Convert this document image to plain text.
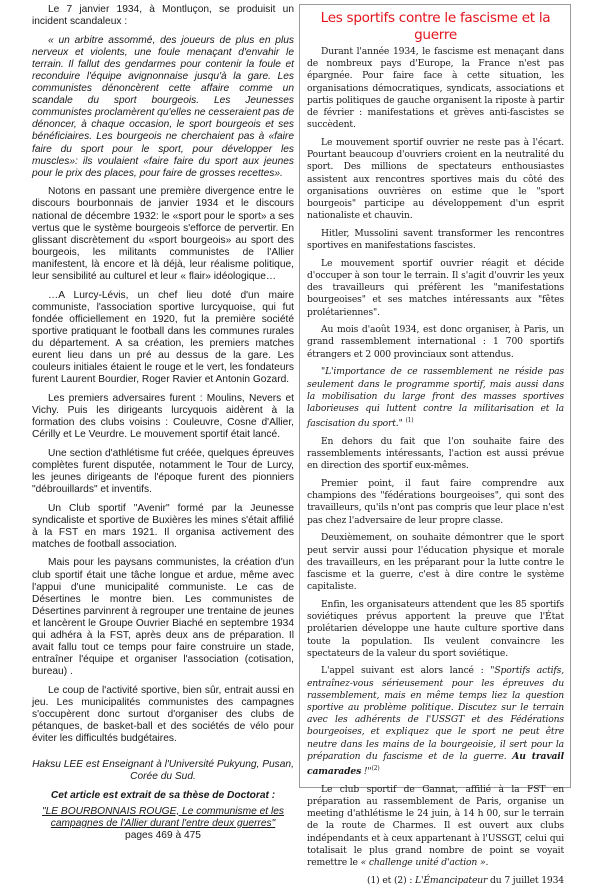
Le 7 janvier 1934, à Montluçon, se produisit un incident scandaleux :

« un arbitre assommé, des joueurs de plus en plus nerveux et violents, une foule menaçant d'envahir le terrain. Il fallut des gendarmes pour contenir la foule et reconduire l'équipe avignonnaise jusqu'à la gare. Les communistes dénoncèrent cette affaire comme un scandale du sport bourgeois. Les Jeunesses communistes proclamèrent qu'elles ne cesseraient pas de dénoncer, à chaque occasion, le sport bourgeois et ses bénéficiaires. Les bourgeois ne cherchaient pas à «faire faire du sport pour le sport, pour développer les muscles»: ils voulaient «faire faire du sport aux jeunes pour le prix des places, pour faire de grosses recettes».

Notons en passant une première divergence entre le discours bourbonnais de janvier 1934 et le discours national de décembre 1932: le «sport pour le sport» a ses vertus que le système bourgeois s'efforce de pervertir. En glissant discrètement du «sport bourgeois» au sport des bourgeois, les militants communistes de l'Allier manifestent, là encore et là déjà, leur réalisme politique, leur sensibilité au culturel et leur « flair» idéologique…

…A Lurcy-Lévis, un chef lieu doté d'un maire communiste, l'association sportive lurcyquoise, qui fut fondée officiellement en 1920, fut la première société sportive pratiquant le football dans les communes rurales du département. A sa création, les premiers matches eurent lieu dans un pré au dessus de la gare. Les couleurs initiales étaient le rouge et le vert, les fondateurs furent Laurent Bourdier, Roger Ravier et Antonin Gozard.

Les premiers adversaires furent : Moulins, Nevers et Vichy. Puis les dirigeants lurcyquois aidèrent à la formation des clubs voisins : Couleuvre, Cosne d'Allier, Cérilly et Le Veurdre. Le mouvement sportif était lancé.

Une section d'athlétisme fut créée, quelques épreuves complètes furent disputée, notamment le Tour de Lurcy, les jeunes dirigeants de l'époque furent des pionniers "débrouillards" et inventifs.

Un Club sportif "Avenir" formé par la Jeunesse syndicaliste et sportive de Buxières les mines s'était affilié à la FST en mars 1921. Il organisa activement des matches de football association.

Mais pour les paysans communistes, la création d'un club sportif était une tâche longue et ardue, même avec l'appui d'une municipalité communiste. Le cas de Désertines le montre bien. Les communistes de Désertines parvinrent à regrouper une trentaine de jeunes et lancèrent le Groupe Ouvrier Biaché en septembre 1934 qui adhéra à la FST, après deux ans de préparation. Il avait fallu tout ce temps pour faire construire un stade, entraîner l'équipe et organiser l'association (cotisation, bureau) .

Le coup de l'activité sportive, bien sûr, entrait aussi en jeu. Les municipalités communistes des campagnes s'occupèrent donc surtout d'organiser des clubs de pétanques, de basket-ball et des sociétés de vélo pour éviter les difficultés budgétaires.

Haksu LEE est Enseignant à l'Université Pukyung, Pusan, Corée du Sud.

Cet article est extrait de sa thèse de Doctorat :

"LE BOURBONNAIS ROUGE, Le communisme et les campagnes de l'Allier durant l'entre deux guerres"

pages 469 à 475

Les sportifs contre le fascisme et la guerre

Durant l'année 1934, le fascisme est menaçant dans de nombreux pays d'Europe, la France n'est pas épargnée. Pour faire face à cette situation, les organisations démocratiques, syndicats, associations et partis politiques de gauche organisent la riposte à partir de février : manifestations et grèves anti-fascistes se succèdent.

Le mouvement sportif ouvrier ne reste pas à l'écart. Pourtant beaucoup d'ouvriers croient en la neutralité du sport. Des millions de spectateurs enthousiastes assistent aux rencontres sportives mais du côté des organisations ouvrières on estime que le "sport bourgeois" participe au développement d'un esprit nationaliste et chauvin.

Hitler, Mussolini savent transformer les rencontres sportives en manifestations fascistes.

Le mouvement sportif ouvrier réagit et décide d'occuper à son tour le terrain. Il s'agit d'ouvrir les yeux des travailleurs qui préfèrent les "manifestations bourgeoises" et ses matches intéressants aux "fêtes prolétariennes".

Au mois d'août 1934, est donc organiser, à Paris, un grand rassemblement international : 1 700 sportifs étrangers et 2 000 provinciaux sont attendus.

"L'importance de ce rassemblement ne réside pas seulement dans le programme sportif, mais aussi dans la mobilisation du large front des masses sportives laborieuses qui luttent contre la militarisation et la fascisation du sport." $^{(1)}$

En dehors du fait que l'on souhaite faire des rassemblements intéressants, l'action est aussi prévue en direction des sportif eux-mêmes.

Premier point, il faut faire comprendre aux champions des "fédérations bourgeoises", qui sont des travailleurs, qu'ils n'ont pas compris que leur place n'est pas chez l'adversaire de leur propre classe.

Deuxièmement, on souhaite démontrer que le sport peut servir aussi pour l'éducation physique et morale des travailleurs, en les préparant pour la lutte contre le fascisme et la guerre, c'est à dire contre le système capitaliste.

Enfin, les organisateurs attendent que les 85 sportifs soviétiques prévus apportent la preuve que l'État prolétarien développe une haute culture sportive dans toute la population. Ils veulent convaincre les spectateurs de la valeur du sport soviétique.

L'appel suivant est alors lancé : "Sportifs actifs, entraînez-vous sérieusement pour les épreuves du rassemblement, mais en même temps liez la question sportive au problème politique. Discutez sur le terrain avec les adhérents de l'USSGT et des Fédérations bourgeoises, et expliquez que le sport ne peut être neutre dans les mains de la bourgeoisie, il sert pour la préparation du fascisme et de la guerre. Au travail camarades !"$^{(2)}$

Le club sportif de Gannat, affilié à la FST en préparation au rassemblement de Paris, organise un meeting d'athlétisme le 24 juin, à 14 h 00, sur le terrain de la route de Charmes. Il est ouvert aux clubs indépendants et à ceux appartenant à l'USSGT, celui qui totalisait le plus grand nombre de point se voyait remettre le « challenge unité d'action ».

(1) et (2) : L'Émancipateur du 7 juillet 1934
